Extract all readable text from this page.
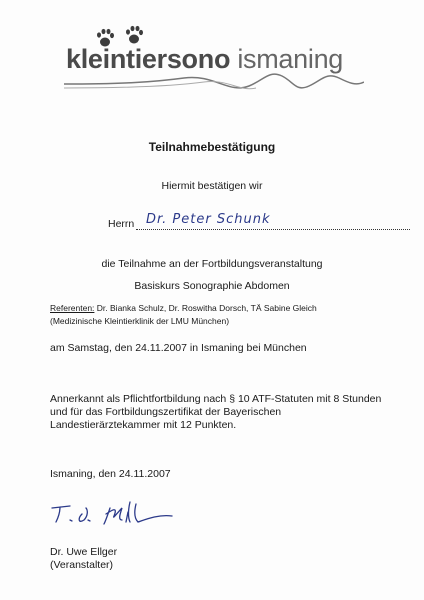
kleintiersono ismaning
Teilnahmebestätigung
Hiermit bestätigen wir
Herrn Dr. Peter Schunk
die Teilnahme an der Fortbildungsveranstaltung
Basiskurs Sonographie Abdomen
Referenten: Dr. Bianka Schulz, Dr. Roswitha Dorsch, TÄ Sabine Gleich
(Medizinische Kleintierklinik der LMU München)
am Samstag, den 24.11.2007 in Ismaning bei München
Annerkannt als Pflichtfortbildung nach § 10 ATF-Statuten mit 8 Stunden
und für das Fortbildungszertifikat der Bayerischen
Landestierärztekammer mit 12 Punkten.
Ismaning, den 24.11.2007
Dr. Uwe Ellger
(Veranstalter)
